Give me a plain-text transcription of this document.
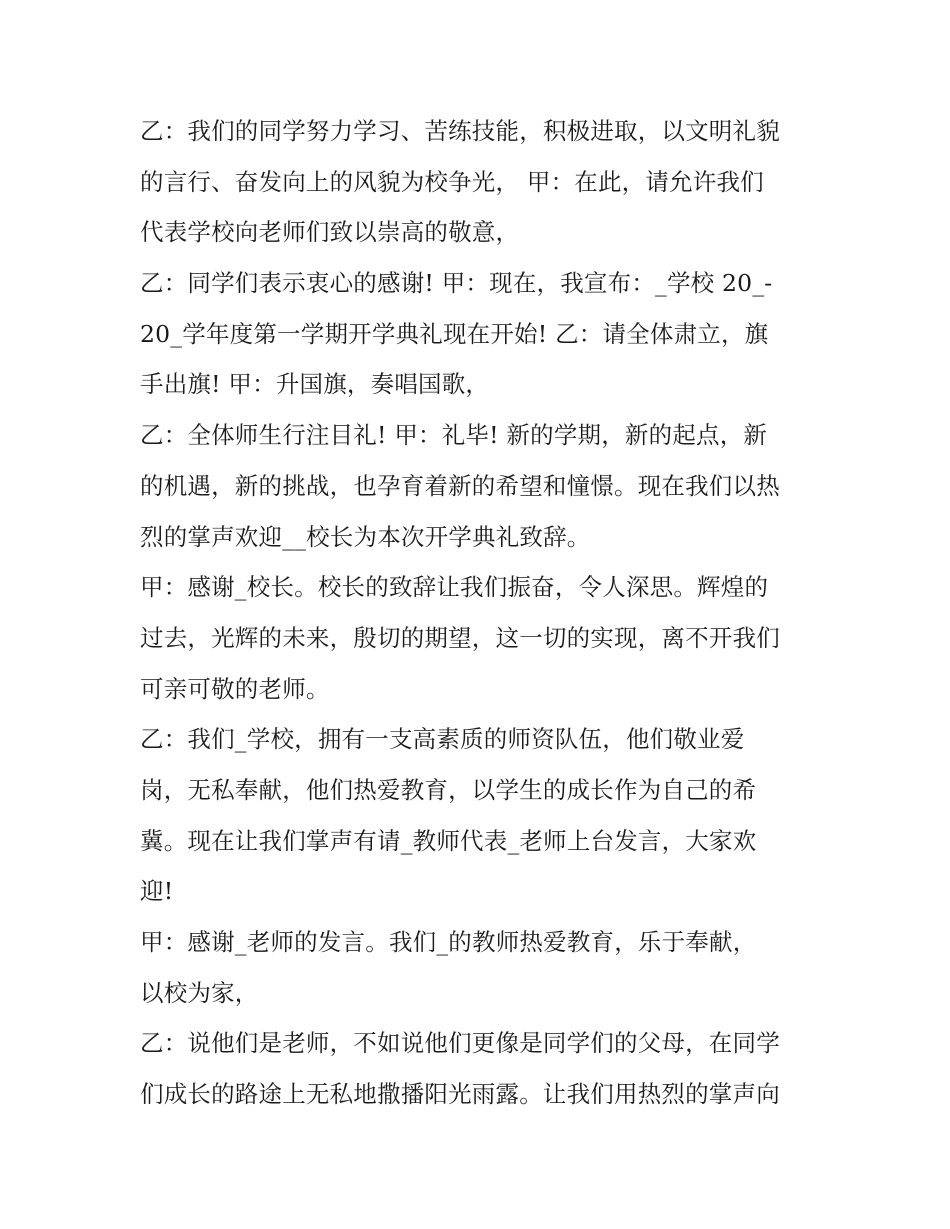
乙：我们的同学努力学习、苦练技能，积极进取，以文明礼貌
的言行、奋发向上的风貌为校争光， 甲：在此，请允许我们
代表学校向老师们致以崇高的敬意，
乙：同学们表示衷心的感谢! 甲：现在，我宣布：_学校 20_-
20_学年度第一学期开学典礼现在开始! 乙：请全体肃立，旗
手出旗! 甲：升国旗，奏唱国歌，
乙：全体师生行注目礼! 甲：礼毕! 新的学期，新的起点，新
的机遇，新的挑战，也孕育着新的希望和憧憬。现在我们以热
烈的掌声欢迎__校长为本次开学典礼致辞。
甲：感谢_校长。校长的致辞让我们振奋，令人深思。辉煌的
过去，光辉的未来，殷切的期望，这一切的实现，离不开我们
可亲可敬的老师。
乙：我们_学校，拥有一支高素质的师资队伍，他们敬业爱
岗，无私奉献，他们热爱教育，以学生的成长作为自己的希
冀。现在让我们掌声有请_教师代表_老师上台发言，大家欢
迎!
甲：感谢_老师的发言。我们_的教师热爱教育，乐于奉献，
以校为家，
乙：说他们是老师，不如说他们更像是同学们的父母，在同学
们成长的路途上无私地撒播阳光雨露。让我们用热烈的掌声向
